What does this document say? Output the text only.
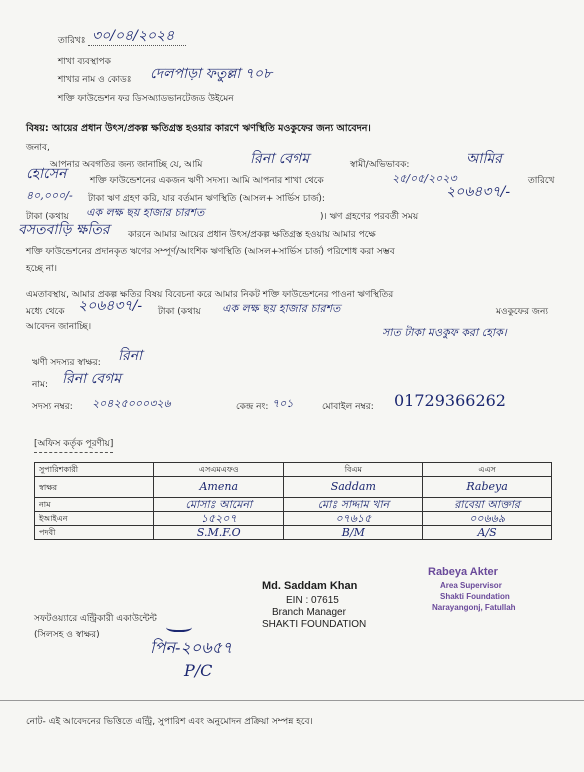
তারিখঃ ৩০/০৪/২০২৪
শাখা ব্যবস্থাপক
শাখার নাম ও কোডঃ দেলপাড়া ফতুল্লা ৭০৮
শক্তি ফাউন্ডেশন ফর ডিসঅ্যাডভানটেজড উইমেন
বিষয়: আয়ের প্রধান উৎস/প্রকল্প ক্ষতিগ্রস্ত হওয়ার কারণে ঋণস্থিতি মওকুফের জন্য আবেদন।
জনাব,
আপনার অবগতির জন্য জানাচ্ছি যে, আমি	রিনা বেগম	স্বামী/অভিভাবক:	আমির
হোসেন	শক্তি ফাউন্ডেশনের একজন ঋণী সদস্য। আমি আপনার শাখা থেকে	২৫/০৫/২০২৩	তারিখে
৪০,০০০/- টাকা ঋণ গ্রহণ করি, যার বর্তমান ঋণস্থিতি (আসল+ সার্ভিস চার্জ):	২০৬৪৩৭/-
টাকা (কথায় এক লক্ষ ছয় হাজার চারশত	)। ঋণ গ্রহণের পরবর্তী সময়
বসতবাড়ি ক্ষতির কারনে আমার আয়ের প্রধান উৎস/প্রকল্প ক্ষতিগ্রস্ত হওয়ায় আমার পক্ষে
শক্তি ফাউন্ডেশনের প্রদানকৃত ঋণের সম্পূর্ণ/আংশিক ঋণস্থিতি (আসল+সার্ভিস চার্জ) পরিশোধ করা সম্ভব
হচ্ছে না।
এমতাবস্থায়, আমার প্রকল্প ক্ষতির বিষয় বিবেচনা করে আমার নিকট শক্তি ফাউন্ডেশনের পাওনা ঋণস্থিতির
মধ্যে থেকে ২০৬৪৩৭/- টাকা (কথায় এক লক্ষ ছয় হাজার চারশত	মওকুফের জন্য
আবেদন জানাচ্ছি।	সাত টাকা মওকুফ করা হোক।
ঋণী সদস্যর স্বাক্ষর: রিনা
নাম: রিনা বেগম
সদস্য নম্বর: ২০৪২৫০০০৩২৬	কেন্দ্র নং: ৭০১	মোবাইল নম্বর: 01729366262
[অফিস কর্তৃক পূরণীয়]
সুপারিশকারী	এসএমএফও	বিএম	এএস
স্বাক্ষর	Amena	Saddam	Rabeya
নাম	মোসাঃ আমেনা	মোঃ সাদ্দাম খান	রাবেয়া আক্তার
ইআইএন	১৫২০৭	০৭৬১৫	০০৬৬৯
পদবী	S.M.F.O	B/M	A/S
Md. Saddam Khan
EIN : 07615
Branch Manager
SHAKTI FOUNDATION
Rabeya Akter
Area Supervisor
Shakti Foundation
Narayangonj, Fatullah
সফটওয়্যারে এন্ট্রিকারী একাউন্টেন্ট
(সিলসহ ও স্বাক্ষর)
পিন-২০৬৫৭
P/C
নোট- এই আবেদনের ভিত্তিতে এন্ট্রি, সুপারিশ এবং অনুমোদন প্রক্রিয়া সম্পন্ন হবে।
